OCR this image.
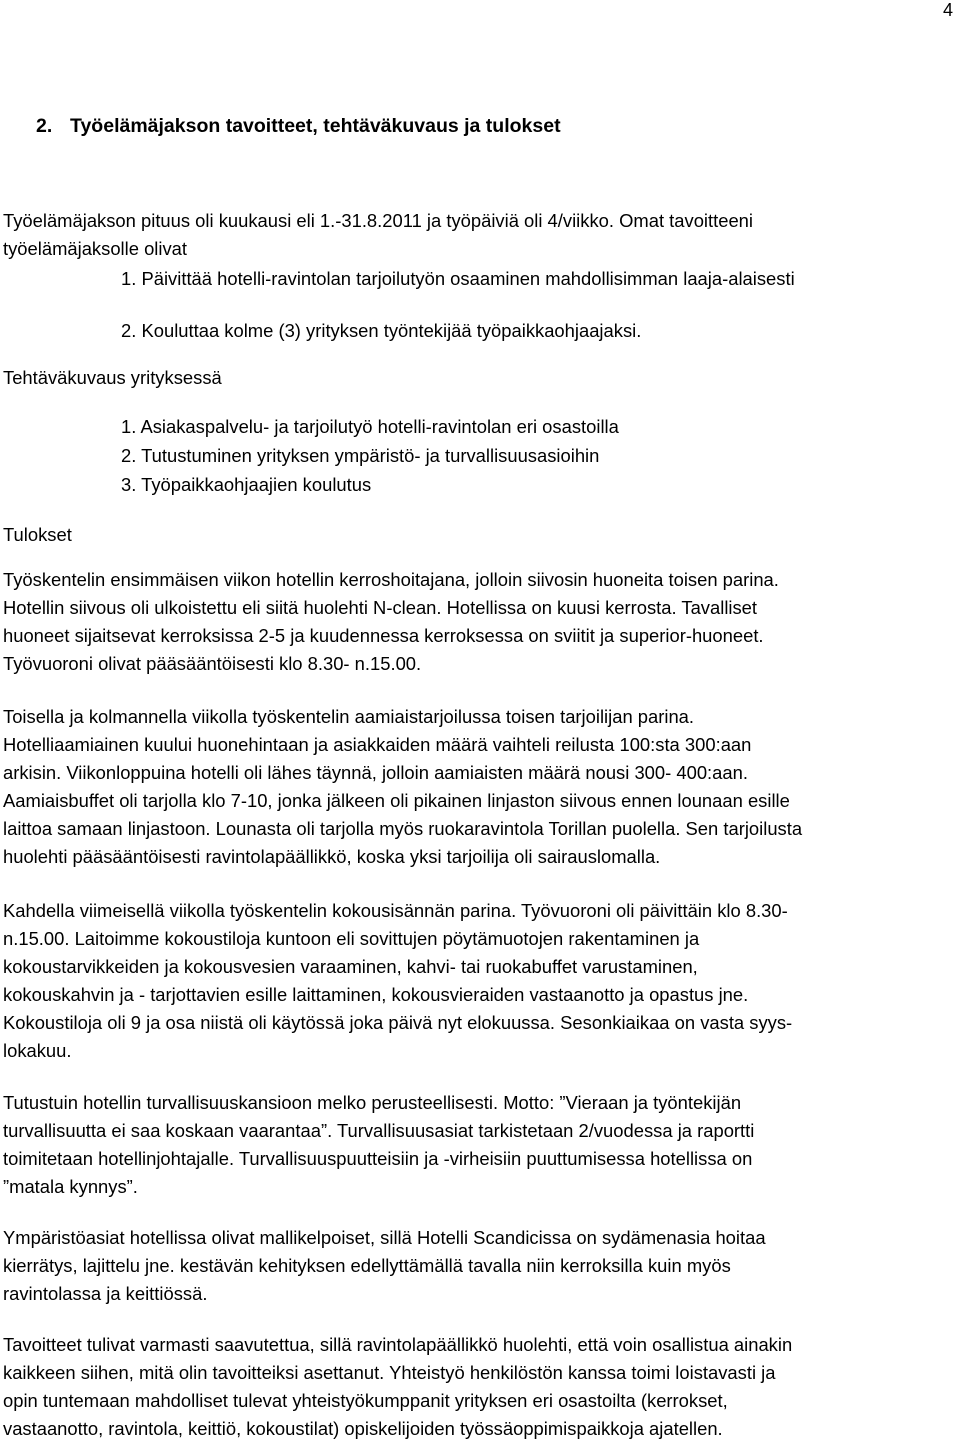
4
2. Työelämäjakson tavoitteet, tehtäväkuvaus ja tulokset

Työelämäjakson pituus oli kuukausi eli 1.-31.8.2011 ja työpäiviä oli 4/viikko. Omat tavoitteeni
työelämäjaksolle olivat

1. Päivittää hotelli-ravintolan tarjoilutyön osaaminen mahdollisimman laaja-alaisesti
2. Kouluttaa kolme (3) yrityksen työntekijää työpaikkaohjaajaksi.
Tehtäväkuvaus yrityksessä
1. Asiakaspalvelu- ja tarjoilutyö hotelli-ravintolan eri osastoilla
2. Tutustuminen yrityksen ympäristö- ja turvallisuusasioihin
3. Työpaikkaohjaajien koulutus
Tulokset

Työskentelin ensimmäisen viikon hotellin kerroshoitajana, jolloin siivosin huoneita toisen parina.
Hotellin siivous oli ulkoistettu eli siitä huolehti N-clean. Hotellissa on kuusi kerrosta. Tavalliset
huoneet sijaitsevat kerroksissa 2-5 ja kuudennessa kerroksessa on sviitit ja superior-huoneet.
Työvuoroni olivat pääsääntöisesti klo 8.30- n.15.00.

Toisella ja kolmannella viikolla työskentelin aamiaistarjoilussa toisen tarjoilijan parina.
Hotelliaamiainen kuului huonehintaan ja asiakkaiden määrä vaihteli reilusta 100:sta 300:aan
arkisin. Viikonloppuina hotelli oli lähes täynnä, jolloin aamiaisten määrä nousi 300- 400:aan.
Aamiaisbuffet oli tarjolla klo 7-10, jonka jälkeen oli pikainen linjaston siivous ennen lounaan esille
laittoa samaan linjastoon. Lounasta oli tarjolla myös ruokaravintola Torillan puolella. Sen tarjoilusta
huolehti pääsääntöisesti ravintolapäällikkö, koska yksi tarjoilija oli sairauslomalla.

Kahdella viimeisellä viikolla työskentelin kokousisännän parina. Työvuoroni oli päivittäin klo 8.30-
n.15.00. Laitoimme kokoustiloja kuntoon eli sovittujen pöytämuotojen rakentaminen ja
kokoustarvikkeiden ja kokousvesien varaaminen, kahvi- tai ruokabuffet varustaminen,
kokouskahvin ja - tarjottavien esille laittaminen, kokousvieraiden vastaanotto ja opastus jne.
Kokoustiloja oli 9 ja osa niistä oli käytössä joka päivä nyt elokuussa. Sesonkiaikaa on vasta syys-
lokakuu.

Tutustuin hotellin turvallisuuskansioon melko perusteellisesti. Motto: ”Vieraan ja työntekijän
turvallisuutta ei saa koskaan vaarantaa”. Turvallisuusasiat tarkistetaan 2/vuodessa ja raportti
toimitetaan hotellinjohtajalle. Turvallisuuspuutteisiin ja -virheisiin puuttumisessa hotellissa on
”matala kynnys”.

Ympäristöasiat hotellissa olivat mallikelpoiset, sillä Hotelli Scandicissa on sydämenasia hoitaa
kierrätys, lajittelu jne. kestävän kehityksen edellyttämällä tavalla niin kerroksilla kuin myös
ravintolassa ja keittiössä.

Tavoitteet tulivat varmasti saavutettua, sillä ravintolapäällikkö huolehti, että voin osallistua ainakin
kaikkeen siihen, mitä olin tavoitteiksi asettanut. Yhteistyö henkilöstön kanssa toimi loistavasti ja
opin tuntemaan mahdolliset tulevat yhteistyökumppanit yrityksen eri osastoilta (kerrokset,
vastaanotto, ravintola, keittiö, kokoustilat) opiskelijoiden työssäoppimispaikkoja ajatellen.
